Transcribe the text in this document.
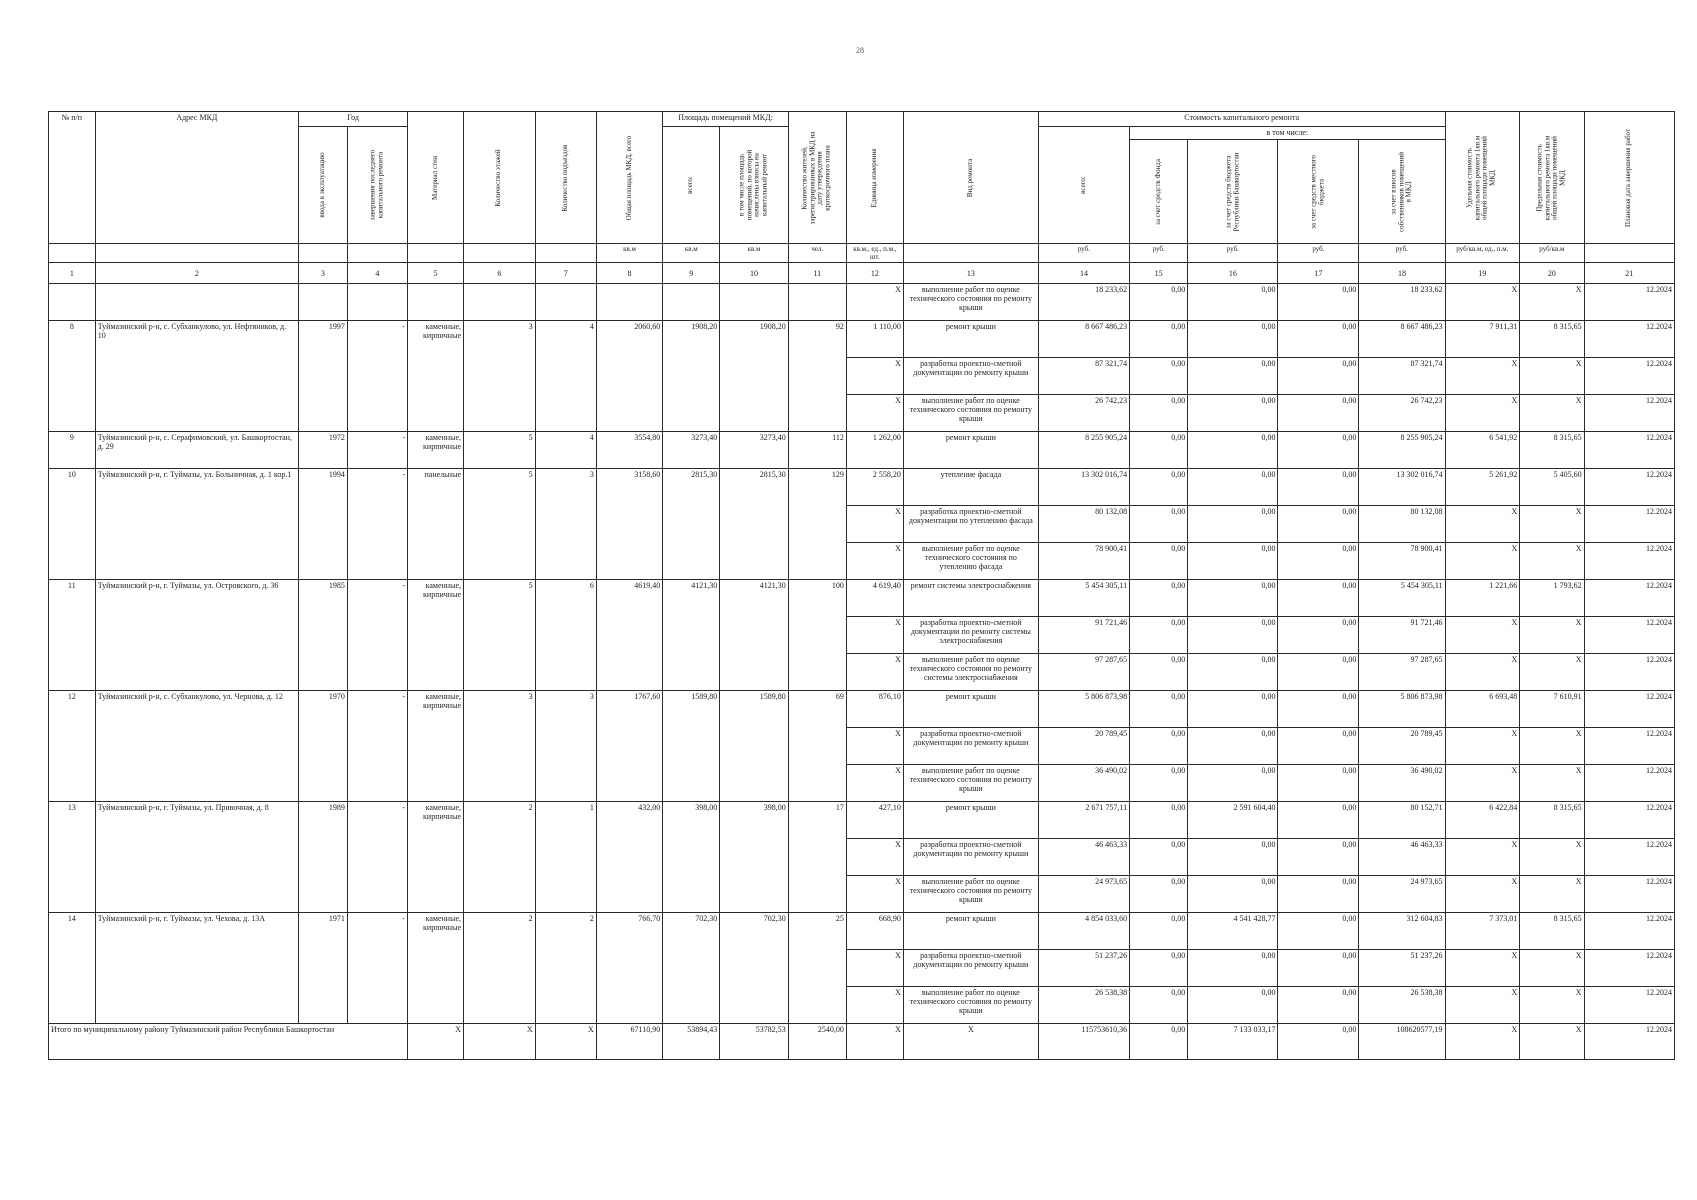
28
№ п/п	Адрес МКД	Год		Материал стен	Количество этажей	Количество подъездов	Общая площадь МКД, всего	Площадь помещений МКД:		Количество жителей, зарегистрированных в МКД на дату утверждения краткосрочного плана	Единица измерения	Вид ремонта	Стоимость капитального ремонта					Удельная стоимость капитального ремонта 1кв.м общей площади помещений МКД	Предельная стоимость капитального ремонта 1кв.м общей площади помещений МКД	Плановая дата завершения работ

		ввода в эксплуатацию	завершения последнего капитального ремонта					всего:	в том числе площадь помещений, по которой начислены взносы на капитальный ремонт				всего:	в том числе:						

														за счет средств Фонда	за счет средств бюджета Республики Башкортостан	за счет средств местного бюджета	за счет взносов собственников помещений в МКД			

							кв.м	кв.м	кв.м	чел.	кв.м., ед., п.м., шт.		руб.	руб.	руб.	руб.	руб.	руб/кв.м, ед., п.м.	руб/кв.м	
1	2	3	4	5	6	7	8	9	10	11	12	13	14	15	16	17	18	19	20	21
											X	выполнение работ по оценке технического состояния по ремонту крыши	18 233,62	0,00	0,00	0,00	18 233,62	X	X	12.2024
8	Туймазинский р-н, с. Субханкулово, ул. Нефтяников, д. 10	1997	-	каменные, кирпичные	3	4	2060,60	1908,20	1908,20	92	1 110,00	ремонт крыши	8 667 486,23	0,00	0,00	0,00	8 667 486,23	7 911,31	8 315,65	12.2024
											X	разработка проектно-сметной документации по ремонту крыши	87 321,74	0,00	0,00	0,00	87 321,74	X	X	12.2024
											X	выполнение работ по оценке технического состояния по ремонту крыши	26 742,23	0,00	0,00	0,00	26 742,23	X	X	12.2024
9	Туймазинский р-н, с. Серафимовский, ул. Башкортостан, д. 29	1972	-	каменные, кирпичные	5	4	3554,80	3273,40	3273,40	112	1 262,00	ремонт крыши	8 255 905,24	0,00	0,00	0,00	8 255 905,24	6 541,92	8 315,65	12.2024
10	Туймазинский р-н, г. Туймазы, ул. Больничная, д. 1 кор.1	1994	-	панельные	5	3	3158,60	2815,30	2815,30	129	2 558,20	утепление фасада	13 302 016,74	0,00	0,00	0,00	13 302 016,74	5 261,92	5 405,60	12.2024
											X	разработка проектно-сметной документации по утеплению фасада	80 132,08	0,00	0,00	0,00	80 132,08	X	X	12.2024
											X	выполнение работ по оценке технического состояния по утеплению фасада	78 900,41	0,00	0,00	0,00	78 900,41	X	X	12.2024
11	Туймазинский р-н, г. Туймазы, ул. Островского, д. 36	1985	-	каменные, кирпичные	5	6	4619,40	4121,30	4121,30	100	4 619,40	ремонт системы электроснабжения	5 454 305,11	0,00	0,00	0,00	5 454 305,11	1 221,66	1 793,62	12.2024
											X	разработка проектно-сметной документации по ремонту системы электроснабжения	91 721,46	0,00	0,00	0,00	91 721,46	X	X	12.2024
											X	выполнение работ по оценке технического состояния по ремонту системы электроснабжения	97 287,65	0,00	0,00	0,00	97 287,65	X	X	12.2024
12	Туймазинский р-н, с. Субханкулово, ул. Чернова, д. 12	1970	-	каменные, кирпичные	3	3	1767,60	1589,80	1589,80	69	876,10	ремонт крыши	5 806 873,98	0,00	0,00	0,00	5 806 873,98	6 693,48	7 610,91	12.2024
											X	разработка проектно-сметной документации по ремонту крыши	20 789,45	0,00	0,00	0,00	20 789,45	X	X	12.2024
											X	выполнение работ по оценке технического состояния по ремонту крыши	36 490,02	0,00	0,00	0,00	36 490,02	X	X	12.2024
13	Туймазинский р-н, г. Туймазы, ул. Привочная, д. 8	1989	-	каменные, кирпичные	2	1	432,00	398,00	398,00	17	427,10	ремонт крыши	2 671 757,11	0,00	2 591 604,40	0,00	80 152,71	6 422,84	8 315,65	12.2024
											X	разработка проектно-сметной документации по ремонту крыши	46 463,33	0,00	0,00	0,00	46 463,33	X	X	12.2024
											X	выполнение работ по оценке технического состояния по ремонту крыши	24 973,65	0,00	0,00	0,00	24 973,65	X	X	12.2024
14	Туймазинский р-н, г. Туймазы, ул. Чехова, д. 13А	1971	-	каменные, кирпичные	2	2	766,70	702,30	702,30	25	668,90	ремонт крыши	4 854 033,60	0,00	4 541 428,77	0,00	312 604,83	7 373,01	8 315,65	12.2024
											X	разработка проектно-сметной документации по ремонту крыши	51 237,26	0,00	0,00	0,00	51 237,26	X	X	12.2024
											X	выполнение работ по оценке технического состояния по ремонту крыши	26 538,38	0,00	0,00	0,00	26 538,38	X	X	12.2024
Итого по муниципальному району Туймазинский район Республики Башкортостан				X	X	X	67110,90	53894,43	53782,53	2540,00	X	X	115753610,36	0,00	7 133 033,17	0,00	108620577,19	X	X	12.2024
